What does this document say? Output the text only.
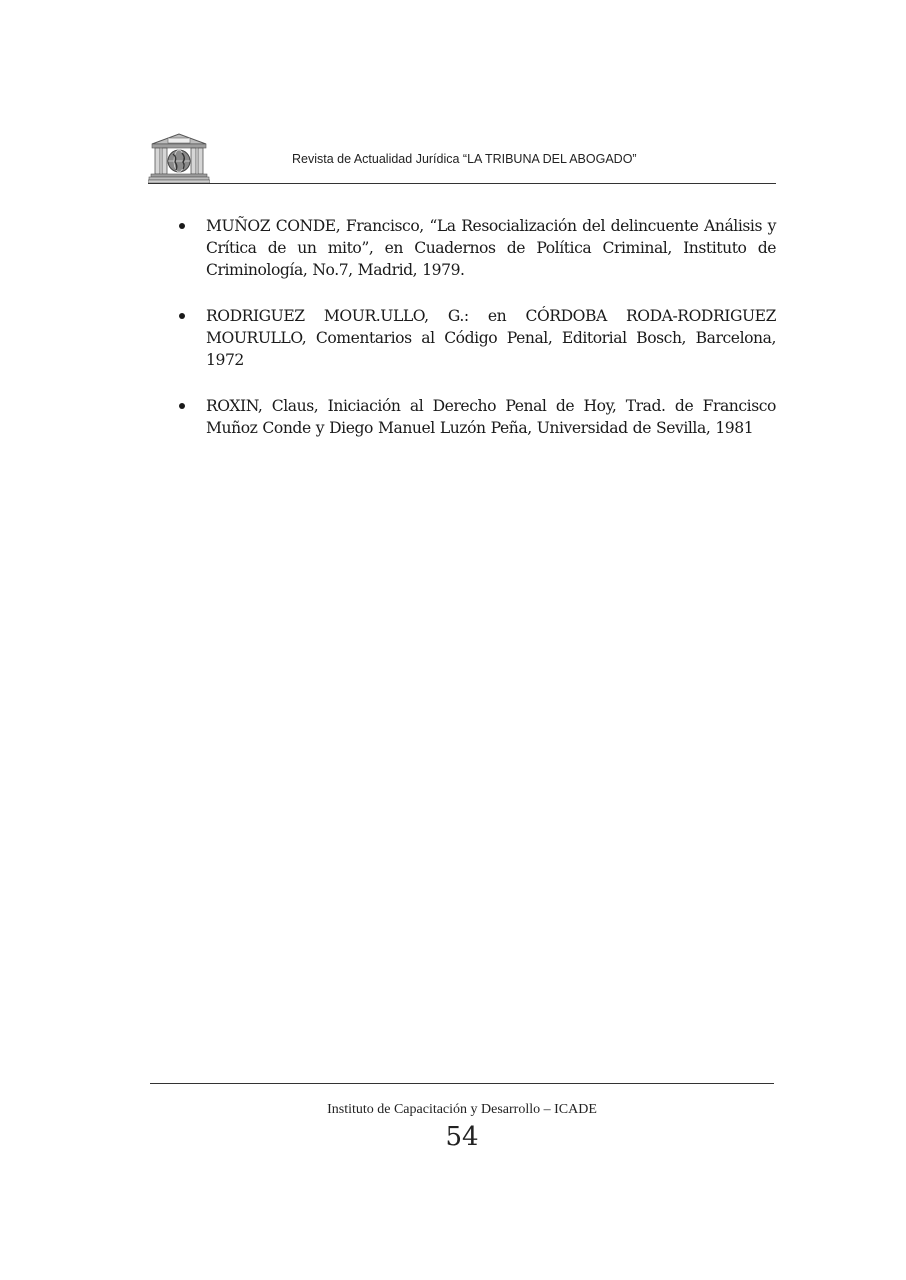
Revista de Actualidad Jurídica “LA TRIBUNA DEL ABOGADO”
MUÑOZ CONDE, Francisco, “La Resocialización del delincuente Análisis y Crítica de un mito”, en Cuadernos de Política Criminal, Instituto de Criminología, No.7, Madrid, 1979.
RODRIGUEZ MOUR.ULLO, G.: en CÓRDOBA RODA-RODRIGUEZ MOURULLO, Comentarios al Código Penal, Editorial Bosch, Barcelona, 1972
ROXIN, Claus, Iniciación al Derecho Penal de Hoy, Trad. de Francisco Muñoz Conde y Diego Manuel Luzón Peña, Universidad de Sevilla, 1981
Instituto de Capacitación y Desarrollo – ICADE
54
